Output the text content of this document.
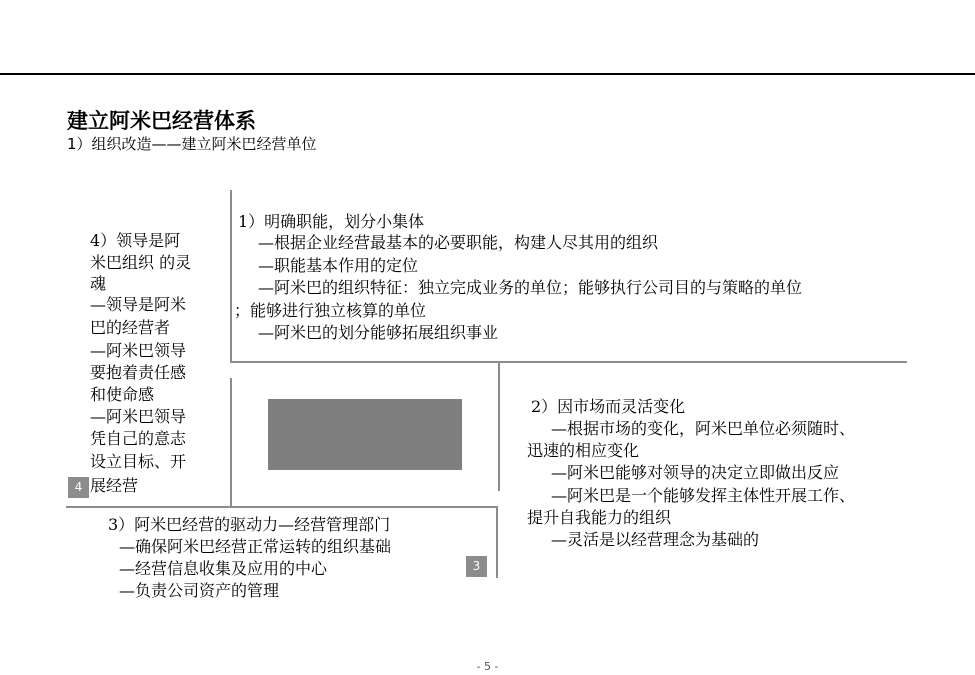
建立阿米巴经营体系
1）组织改造——建立阿米巴经营单位
1）明确职能，划分小集体
—根据企业经营最基本的必要职能，构建人尽其用的组织
—职能基本作用的定位
—阿米巴的组织特征：独立完成业务的单位；能够执行公司目的与策略的单位
；能够进行独立核算的单位
—阿米巴的划分能够拓展组织事业
2）因市场而灵活变化
—根据市场的变化，阿米巴单位必须随时、
迅速的相应变化
—阿米巴能够对领导的决定立即做出反应
—阿米巴是一个能够发挥主体性开展工作、
提升自我能力的组织
—灵活是以经营理念为基础的
3）阿米巴经营的驱动力—经营管理部门
—确保阿米巴经营正常运转的组织基础
—经营信息收集及应用的中心
—负责公司资产的管理
3
4）领导是阿
米巴组织 的灵
魂
—领导是阿米
巴的经营者
—阿米巴领导
要抱着责任感
和使命感
—阿米巴领导
凭自己的意志
设立目标、开
展经营
4
- 5 -
